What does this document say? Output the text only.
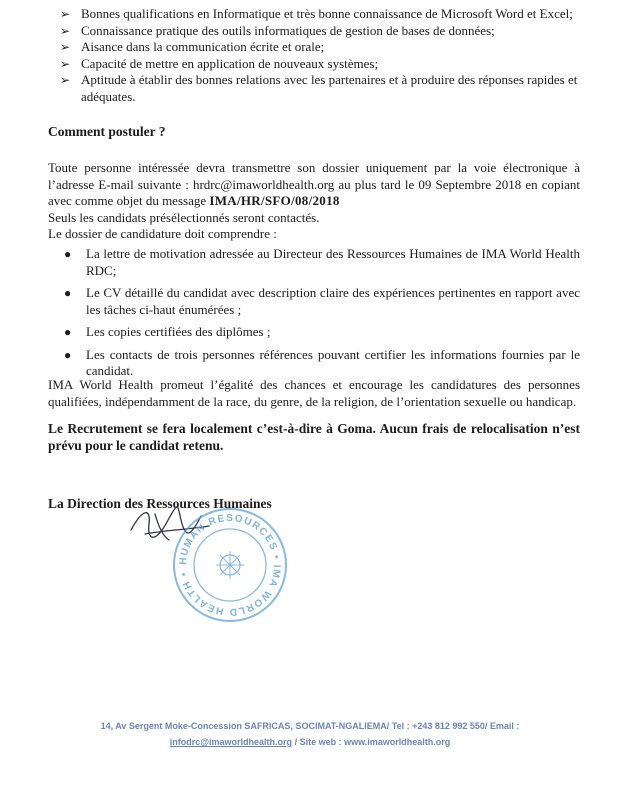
➢ Bonnes qualifications en Informatique et très bonne connaissance de Microsoft Word et Excel;
➢ Connaissance pratique des outils informatiques de gestion de bases de données;
➢ Aisance dans la communication écrite et orale;
➢ Capacité de mettre en application de nouveaux systèmes;
➢ Aptitude à établir des bonnes relations avec les partenaires et à produire des réponses rapides et adéquates.
Comment postuler ?

Toute personne intéressée devra transmettre son dossier uniquement par la voie électronique à l’adresse E-mail suivante : hrdrc@imaworldhealth.org au plus tard le 09 Septembre 2018 en copiant avec comme objet du message IMA/HR/SFO/08/2018

Seuls les candidats présélectionnés seront contactés.

Le dossier de candidature doit comprendre :

● La lettre de motivation adressée au Directeur des Ressources Humaines de IMA World Health RDC;
● Le CV détaillé du candidat avec description claire des expériences pertinentes en rapport avec les tâches ci-haut énumérées ;
● Les copies certifiées des diplômes ;
● Les contacts de trois personnes références pouvant certifier les informations fournies par le candidat.

IMA World Health promeut l’égalité des chances et encourage les candidatures des personnes qualifiées, indépendamment de la race, du genre, de la religion, de l’orientation sexuelle ou handicap.

Le Recrutement se fera localement c’est-à-dire à Goma. Aucun frais de relocalisation n’est prévu pour le candidat retenu.

La Direction des Ressources Humaines
HUMAN RESOURCES • IMA WORLD HEALTH •
14, Av Sergent Moke-Concession SAFRICAS, SOCIMAT-NGALIEMA/ Tel : +243 812 992 550/ Email :
infodrc@imaworldhealth.org / Site web : www.imaworldhealth.org
